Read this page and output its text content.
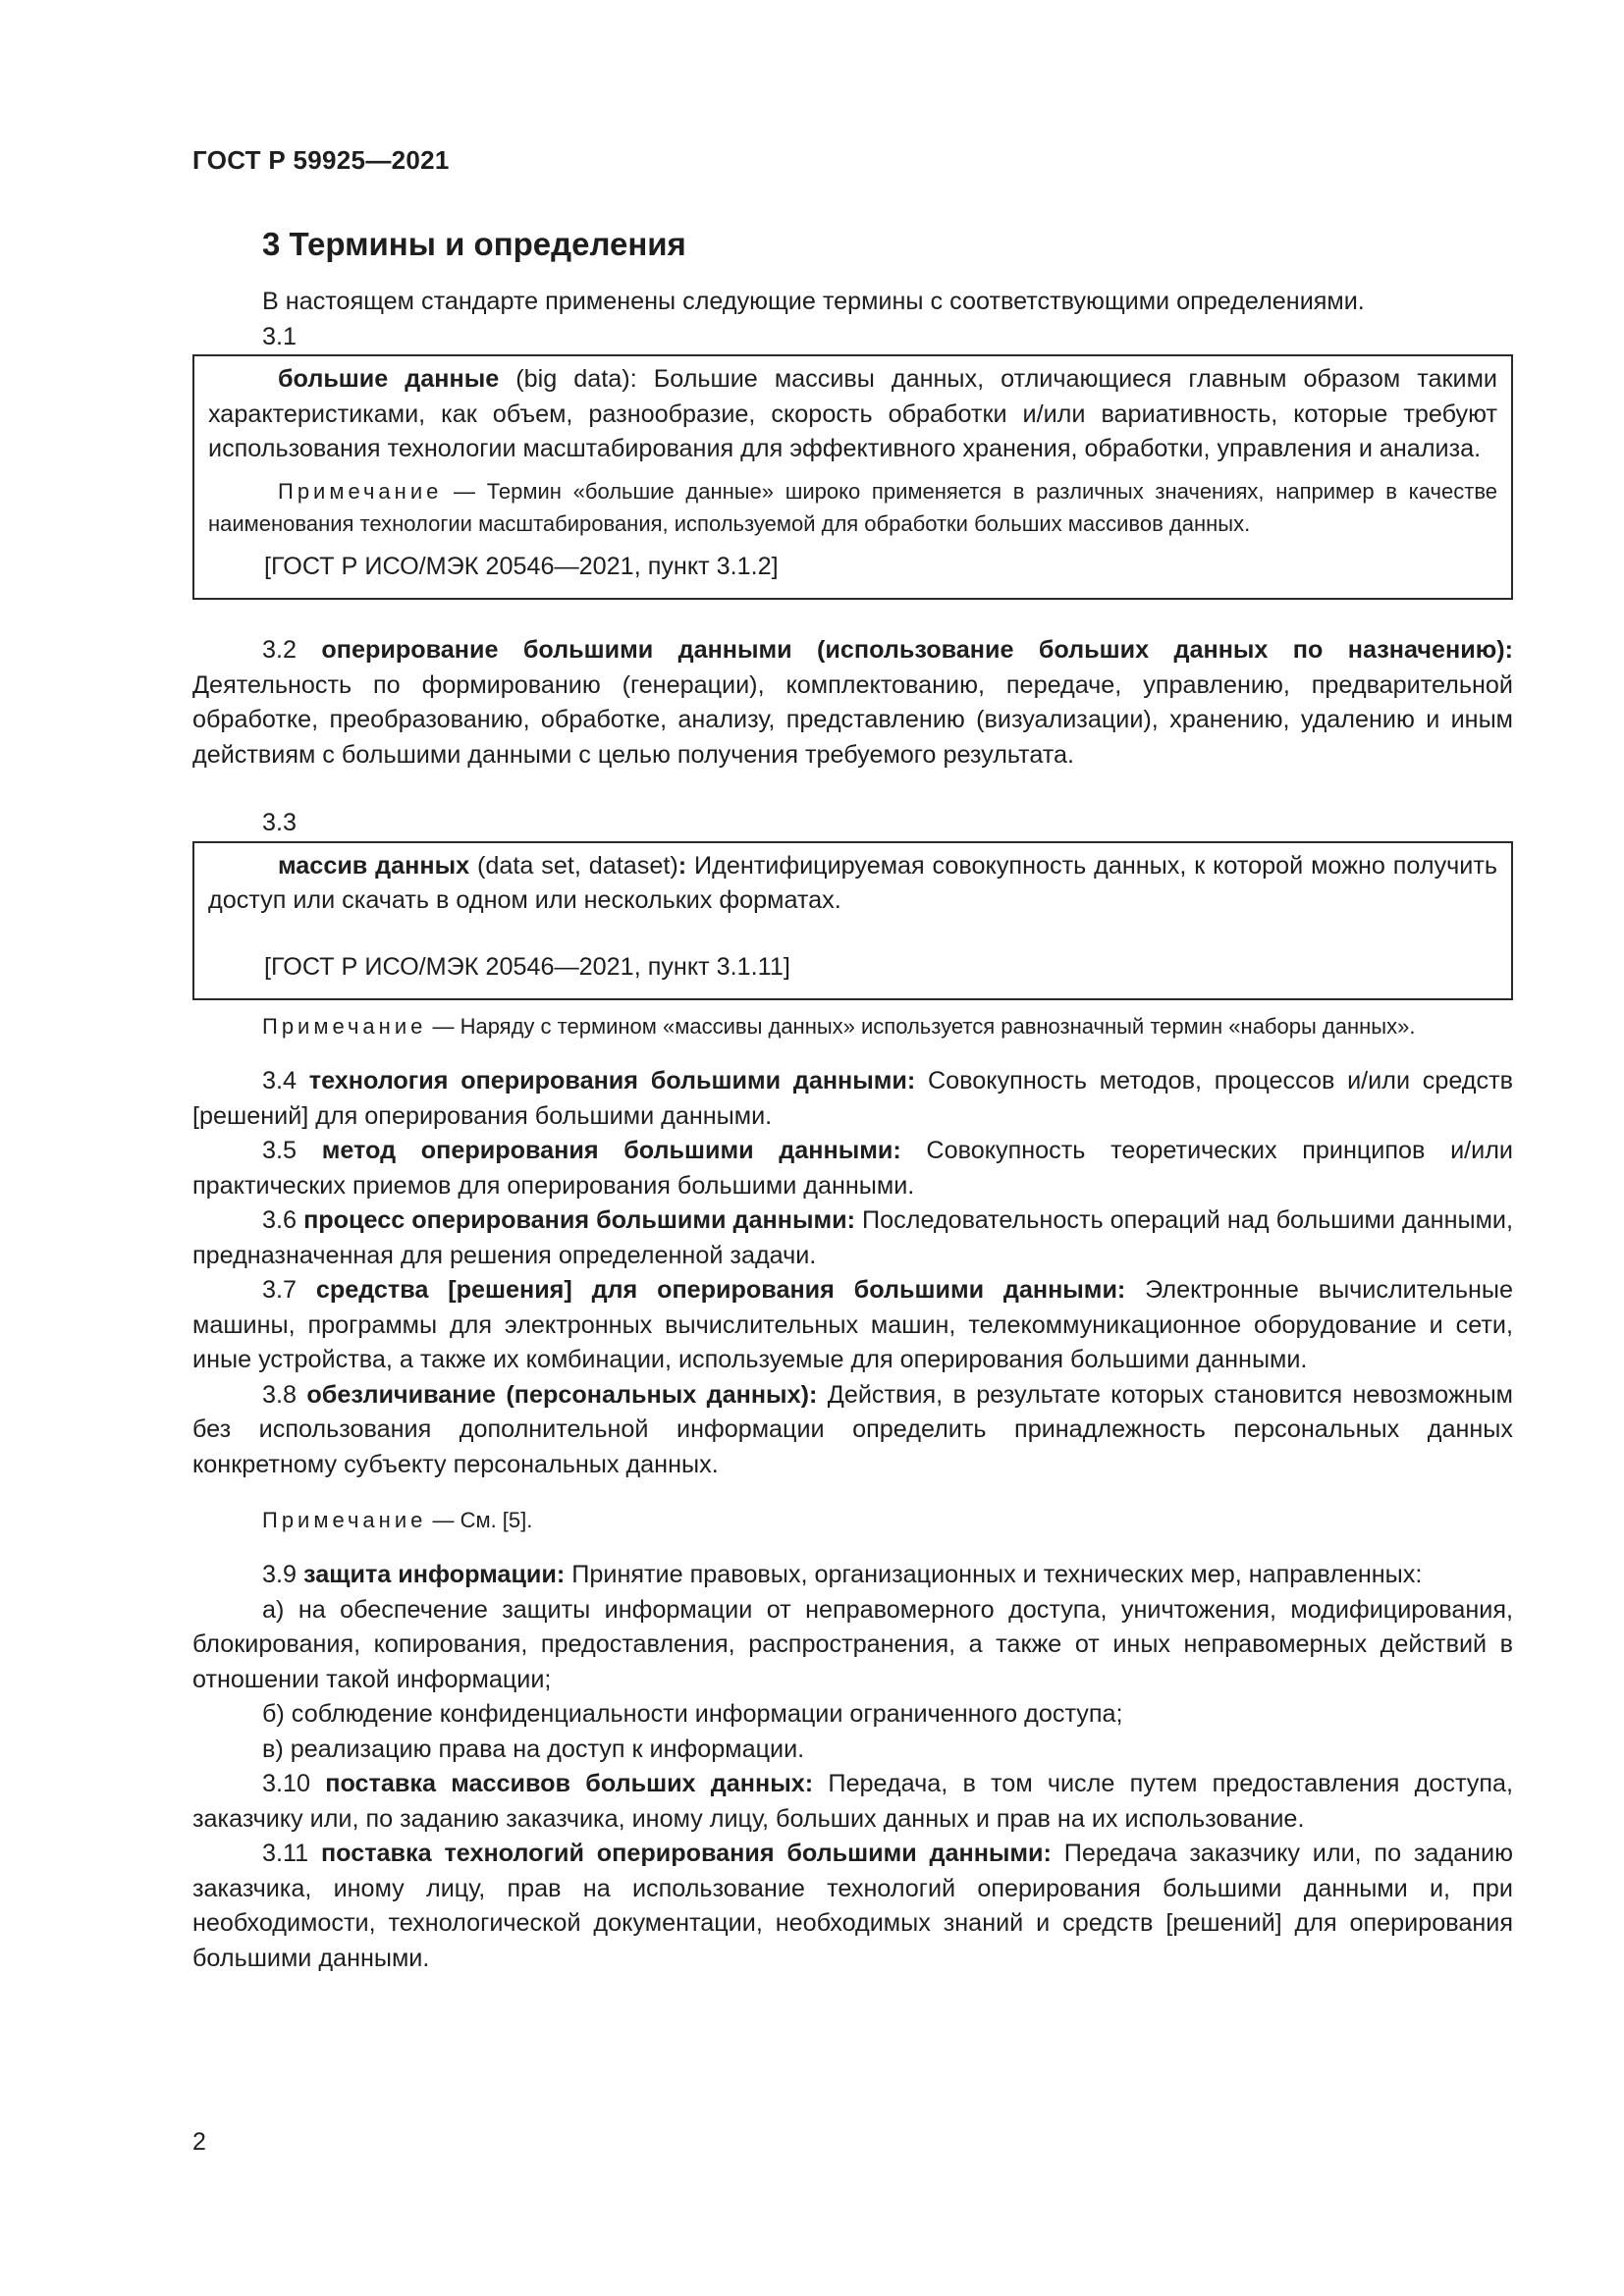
ГОСТ Р 59925—2021
3 Термины и определения

В настоящем стандарте применены следующие термины с соответствующими определениями.

3.1

большие данные (big data): Большие массивы данных, отличающиеся главным образом такими характеристиками, как объем, разнообразие, скорость обработки и/или вариативность, которые требуют использования технологии масштабирования для эффективного хранения, обработки, управления и анализа.

Примечание — Термин «большие данные» широко применяется в различных значениях, например в качестве наименования технологии масштабирования, используемой для обработки больших массивов данных.

[ГОСТ Р ИСО/МЭК 20546—2021, пункт 3.1.2]

3.2 оперирование большими данными (использование больших данных по назначению): Деятельность по формированию (генерации), комплектованию, передаче, управлению, предварительной обработке, преобразованию, обработке, анализу, представлению (визуализации), хранению, удалению и иным действиям с большими данными с целью получения требуемого результата.

3.3

массив данных (data set, dataset): Идентифицируемая совокупность данных, к которой можно получить доступ или скачать в одном или нескольких форматах.

[ГОСТ Р ИСО/МЭК 20546—2021, пункт 3.1.11]

Примечание — Наряду с термином «массивы данных» используется равнозначный термин «наборы данных».

3.4 технология оперирования большими данными: Совокупность методов, процессов и/или средств [решений] для оперирования большими данными.

3.5 метод оперирования большими данными: Совокупность теоретических принципов и/или практических приемов для оперирования большими данными.

3.6 процесс оперирования большими данными: Последовательность операций над большими данными, предназначенная для решения определенной задачи.

3.7 средства [решения] для оперирования большими данными: Электронные вычислительные машины, программы для электронных вычислительных машин, телекоммуникационное оборудование и сети, иные устройства, а также их комбинации, используемые для оперирования большими данными.

3.8 обезличивание (персональных данных): Действия, в результате которых становится невозможным без использования дополнительной информации определить принадлежность персональных данных конкретному субъекту персональных данных.

Примечание — См. [5].

3.9 защита информации: Принятие правовых, организационных и технических мер, направленных:

а) на обеспечение защиты информации от неправомерного доступа, уничтожения, модифицирования, блокирования, копирования, предоставления, распространения, а также от иных неправомерных действий в отношении такой информации;

б) соблюдение конфиденциальности информации ограниченного доступа;

в) реализацию права на доступ к информации.

3.10 поставка массивов больших данных: Передача, в том числе путем предоставления доступа, заказчику или, по заданию заказчика, иному лицу, больших данных и прав на их использование.

3.11 поставка технологий оперирования большими данными: Передача заказчику или, по заданию заказчика, иному лицу, прав на использование технологий оперирования большими данными и, при необходимости, технологической документации, необходимых знаний и средств [решений] для оперирования большими данными.

2
